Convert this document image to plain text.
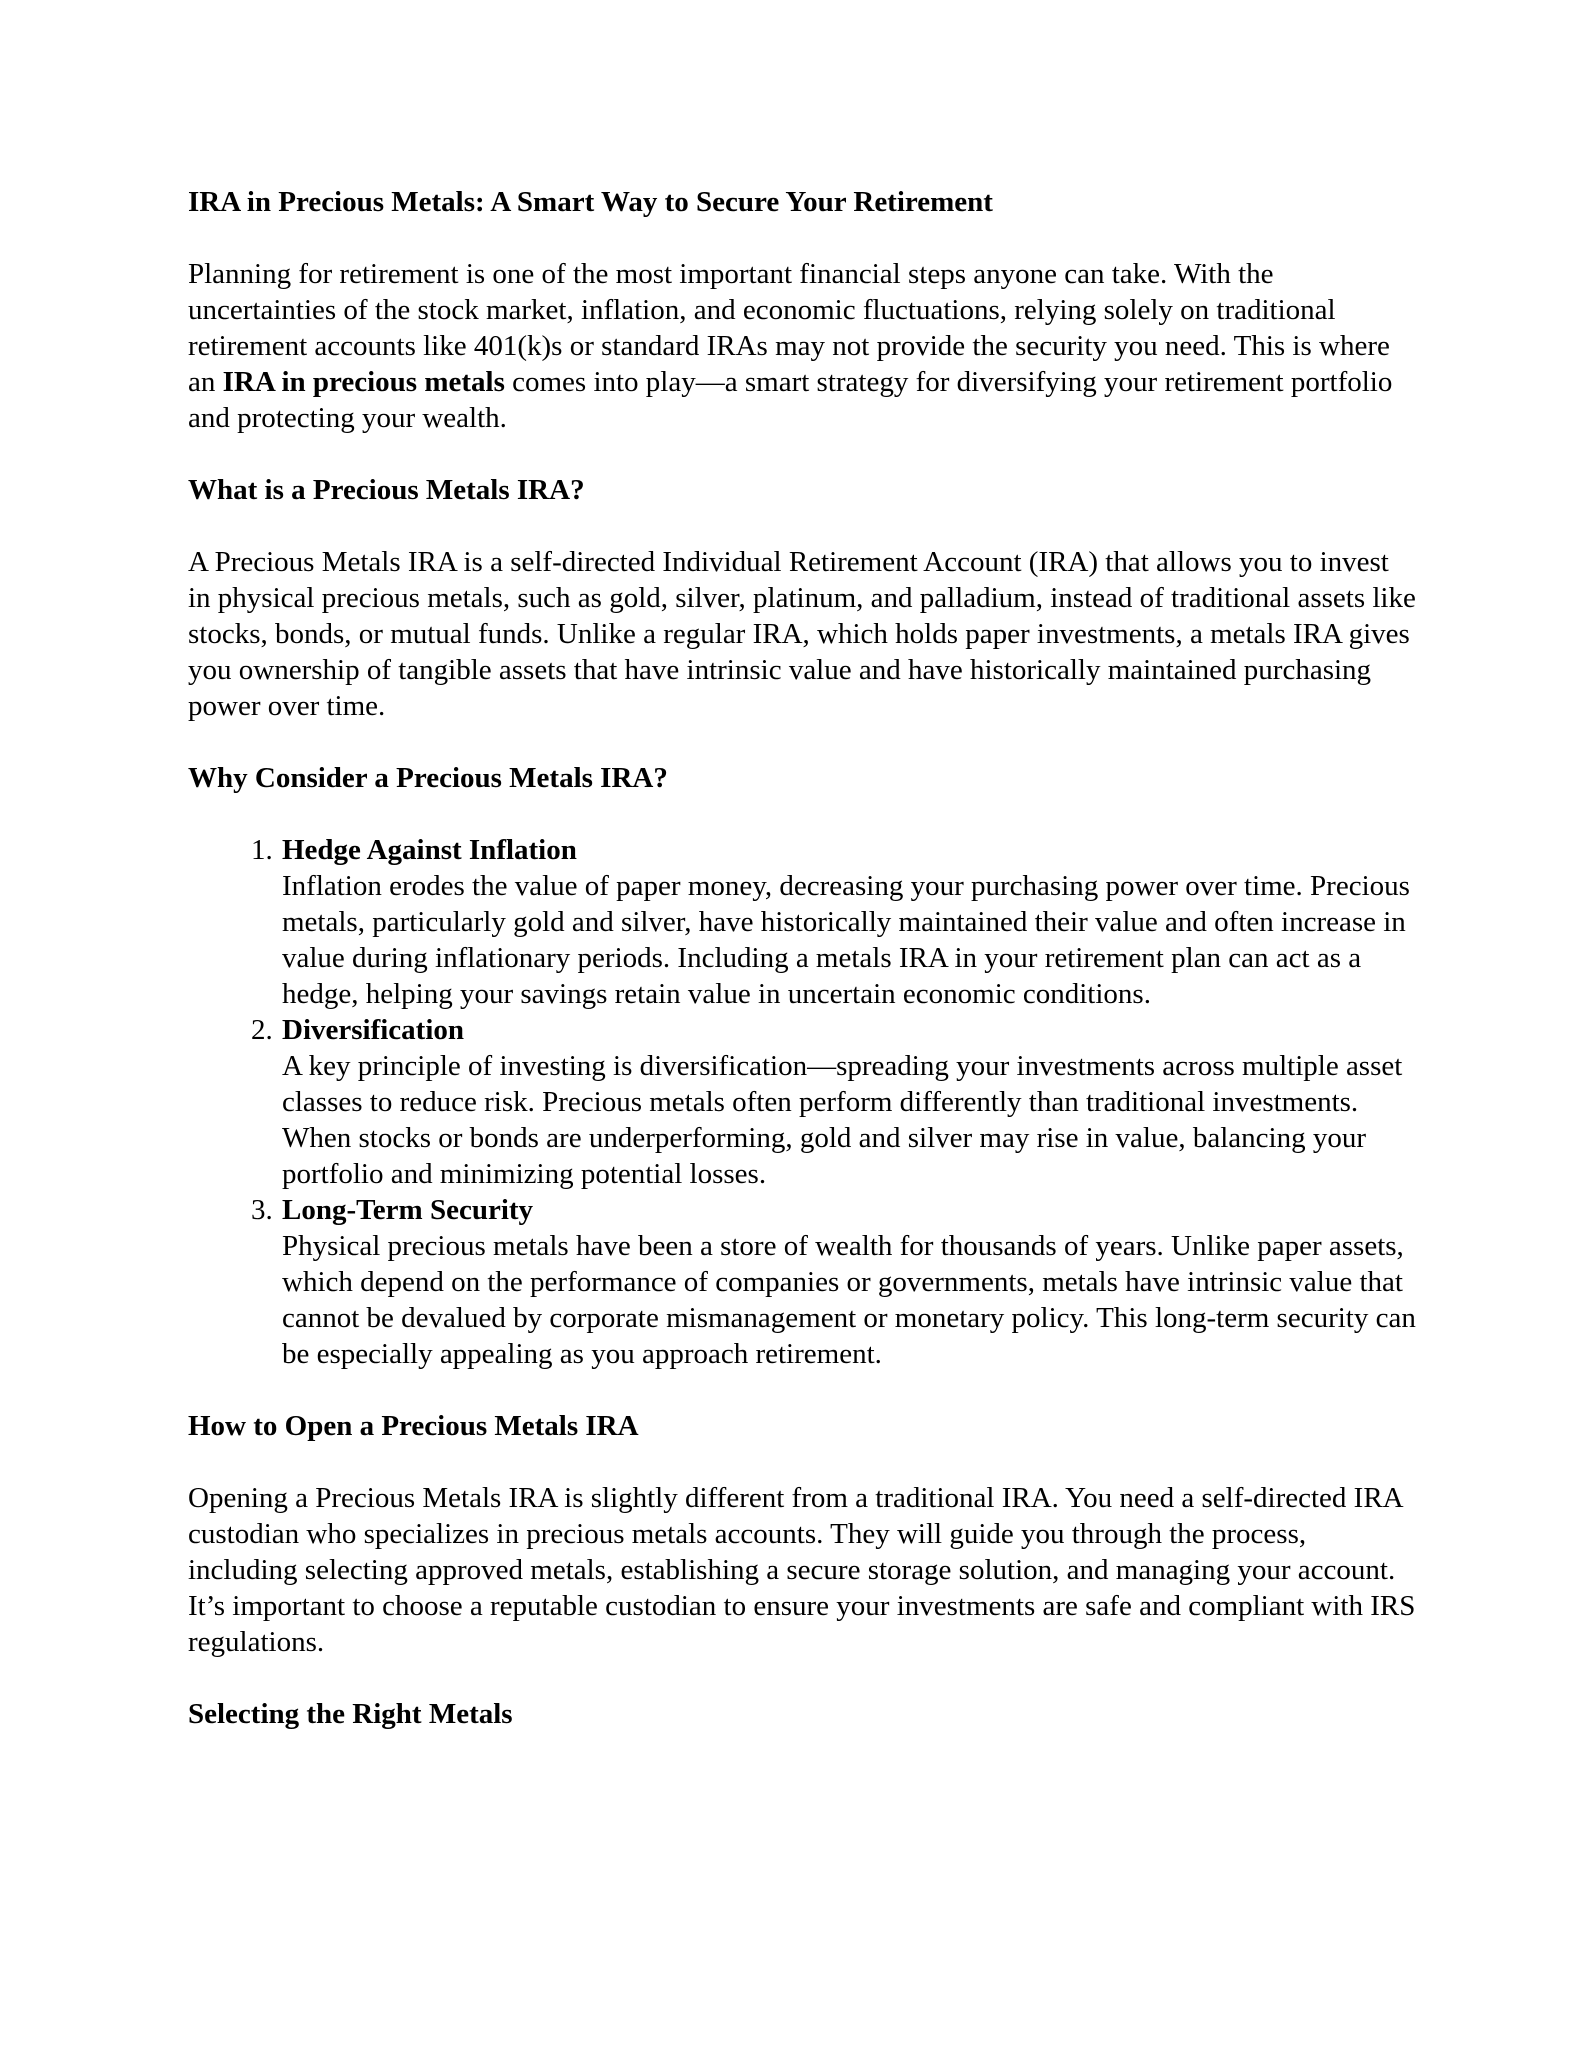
IRA in Precious Metals: A Smart Way to Secure Your Retirement

Planning for retirement is one of the most important financial steps anyone can take. With the uncertainties of the stock market, inflation, and economic fluctuations, relying solely on traditional retirement accounts like 401(k)s or standard IRAs may not provide the security you need. This is where an IRA in precious metals comes into play—a smart strategy for diversifying your retirement portfolio and protecting your wealth.

What is a Precious Metals IRA?

A Precious Metals IRA is a self-directed Individual Retirement Account (IRA) that allows you to invest in physical precious metals, such as gold, silver, platinum, and palladium, instead of traditional assets like stocks, bonds, or mutual funds. Unlike a regular IRA, which holds paper investments, a metals IRA gives you ownership of tangible assets that have intrinsic value and have historically maintained purchasing power over time.

Why Consider a Precious Metals IRA?
1. Hedge Against Inflation
Inflation erodes the value of paper money, decreasing your purchasing power over time. Precious metals, particularly gold and silver, have historically maintained their value and often increase in value during inflationary periods. Including a metals IRA in your retirement plan can act as a hedge, helping your savings retain value in uncertain economic conditions.
2. Diversification
A key principle of investing is diversification—spreading your investments across multiple asset classes to reduce risk. Precious metals often perform differently than traditional investments. When stocks or bonds are underperforming, gold and silver may rise in value, balancing your portfolio and minimizing potential losses.
3. Long-Term Security
Physical precious metals have been a store of wealth for thousands of years. Unlike paper assets, which depend on the performance of companies or governments, metals have intrinsic value that cannot be devalued by corporate mismanagement or monetary policy. This long-term security can be especially appealing as you approach retirement.
How to Open a Precious Metals IRA

Opening a Precious Metals IRA is slightly different from a traditional IRA. You need a self-directed IRA custodian who specializes in precious metals accounts. They will guide you through the process, including selecting approved metals, establishing a secure storage solution, and managing your account. It’s important to choose a reputable custodian to ensure your investments are safe and compliant with IRS regulations.

Selecting the Right Metals
